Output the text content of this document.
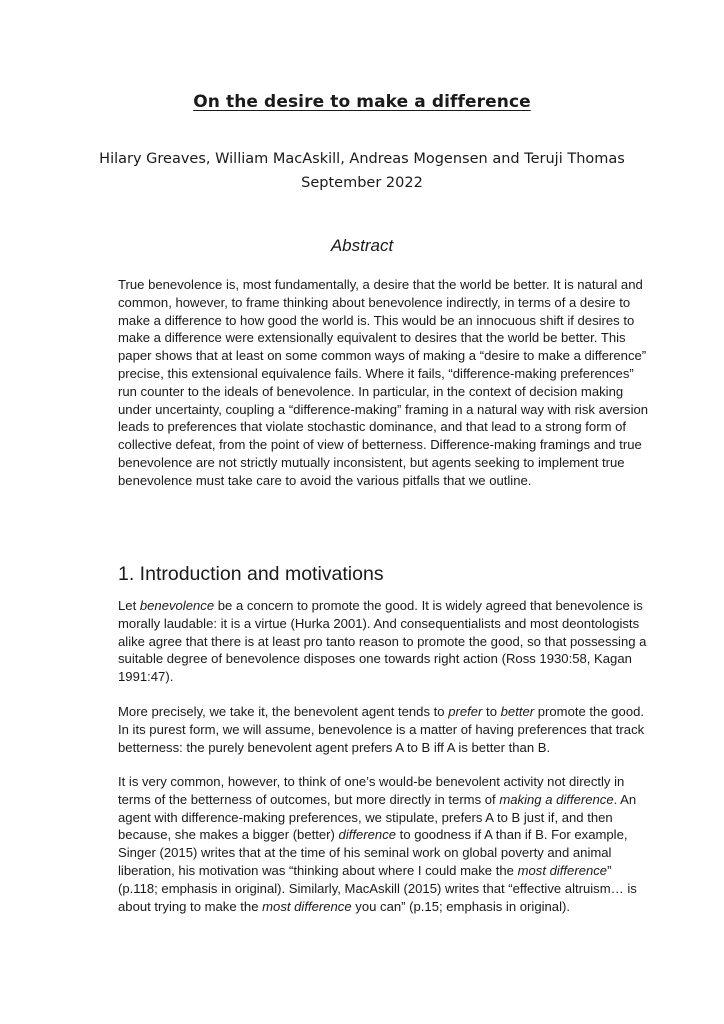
On the desire to make a difference
Hilary Greaves, William MacAskill, Andreas Mogensen and Teruji Thomas
September 2022
Abstract
True benevolence is, most fundamentally, a desire that the world be better. It is natural and
common, however, to frame thinking about benevolence indirectly, in terms of a desire to
make a difference to how good the world is. This would be an innocuous shift if desires to
make a difference were extensionally equivalent to desires that the world be better. This
paper shows that at least on some common ways of making a “desire to make a difference”
precise, this extensional equivalence fails. Where it fails, “difference-making preferences”
run counter to the ideals of benevolence. In particular, in the context of decision making
under uncertainty, coupling a “difference-making” framing in a natural way with risk aversion
leads to preferences that violate stochastic dominance, and that lead to a strong form of
collective defeat, from the point of view of betterness. Difference-making framings and true
benevolence are not strictly mutually inconsistent, but agents seeking to implement true
benevolence must take care to avoid the various pitfalls that we outline.
1. Introduction and motivations
Let benevolence be a concern to promote the good. It is widely agreed that benevolence is
morally laudable: it is a virtue (Hurka 2001). And consequentialists and most deontologists
alike agree that there is at least pro tanto reason to promote the good, so that possessing a
suitable degree of benevolence disposes one towards right action (Ross 1930:58, Kagan
1991:47).
More precisely, we take it, the benevolent agent tends to prefer to better promote the good.
In its purest form, we will assume, benevolence is a matter of having preferences that track
betterness: the purely benevolent agent prefers A to B iff A is better than B.
It is very common, however, to think of one’s would-be benevolent activity not directly in
terms of the betterness of outcomes, but more directly in terms of making a difference. An
agent with difference-making preferences, we stipulate, prefers A to B just if, and then
because, she makes a bigger (better) difference to goodness if A than if B. For example,
Singer (2015) writes that at the time of his seminal work on global poverty and animal
liberation, his motivation was “thinking about where I could make the most difference”
(p.118; emphasis in original). Similarly, MacAskill (2015) writes that “effective altruism… is
about trying to make the most difference you can” (p.15; emphasis in original).
